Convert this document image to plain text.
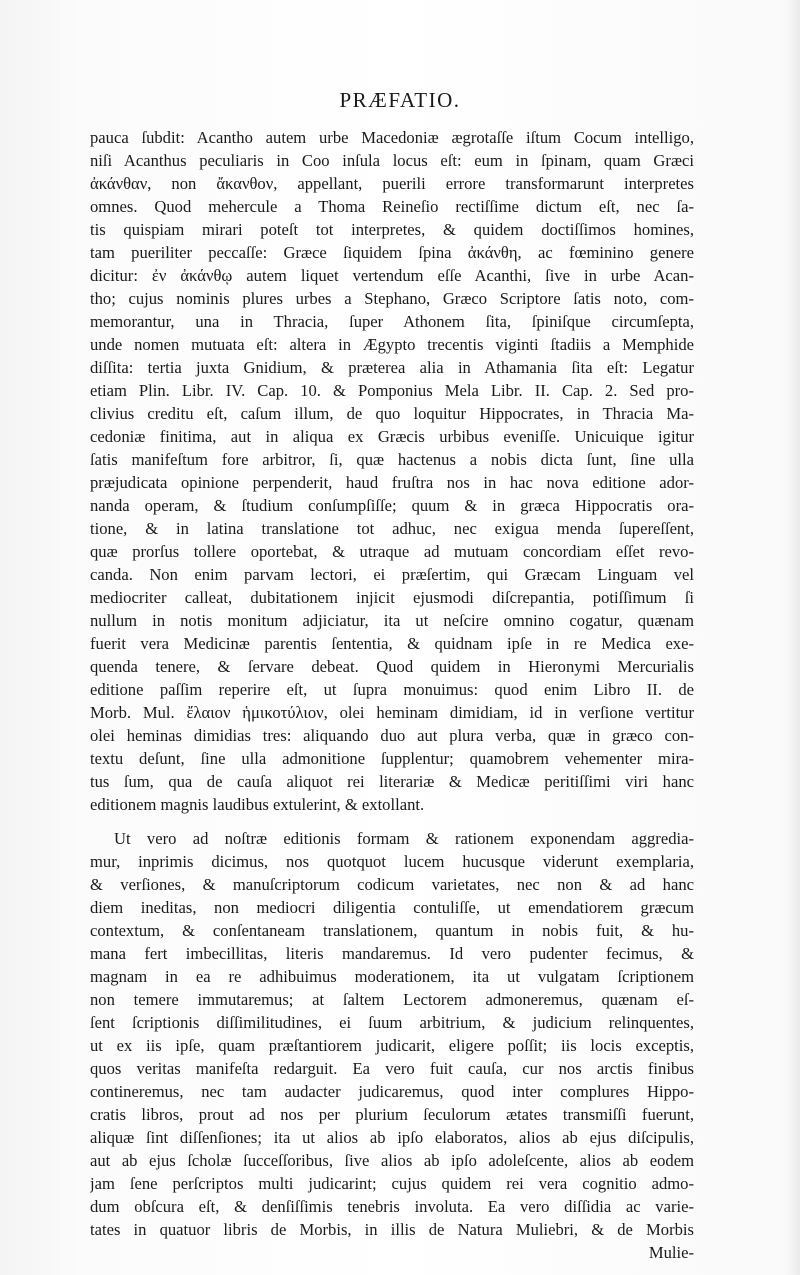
PRÆFATIO.
pauca ſubdit: Acantho autem urbe Macedoniæ ægrotaſſe iſtum Cocum intelligo,
niſi Acanthus peculiaris in Coo inſula locus eſt: eum in ſpinam, quam Græci
ἀκάνθαν, non ἄκανθον, appellant, puerili errore transformarunt interpretes
omnes. Quod mehercule a Thoma Reineſio rectiſſime dictum eſt, nec ſa-
tis quispiam mirari poteſt tot interpretes, & quidem doctiſſimos homines,
tam pueriliter peccaſſe: Græce ſiquidem ſpina ἀκάνθη, ac fœminino genere
dicitur: ἐν ἀκάνθῳ autem liquet vertendum eſſe Acanthi, ſive in urbe Acan-
tho; cujus nominis plures urbes a Stephano, Græco Scriptore ſatis noto, com-
memorantur, una in Thracia, ſuper Athonem ſita, ſpiniſque circumſepta,
unde nomen mutuata eſt: altera in Ægypto trecentis viginti ſtadiis a Memphide
diſſita: tertia juxta Gnidium, & præterea alia in Athamania ſita eſt: Legatur
etiam Plin. Libr. IV. Cap. 10. & Pomponius Mela Libr. II. Cap. 2. Sed pro-
clivius creditu eſt, caſum illum, de quo loquitur Hippocrates, in Thracia Ma-
cedoniæ finitima, aut in aliqua ex Græcis urbibus eveniſſe. Unicuique igitur
ſatis manifeſtum fore arbitror, ſi, quæ hactenus a nobis dicta ſunt, ſine ulla
præjudicata opinione perpenderit, haud fruſtra nos in hac nova editione ador-
nanda operam, & ſtudium conſumpſiſſe; quum & in græca Hippocratis ora-
tione, & in latina translatione tot adhuc, nec exigua menda ſupereſſent,
quæ prorſus tollere oportebat, & utraque ad mutuam concordiam eſſet revo-
canda. Non enim parvam lectori, ei præſertim, qui Græcam Linguam vel
mediocriter calleat, dubitationem injicit ejusmodi diſcrepantia, potiſſimum ſi
nullum in notis monitum adjiciatur, ita ut neſcire omnino cogatur, quænam
fuerit vera Medicinæ parentis ſententia, & quidnam ipſe in re Medica exe-
quenda tenere, & ſervare debeat. Quod quidem in Hieronymi Mercurialis
editione paſſim reperire eſt, ut ſupra monuimus: quod enim Libro II. de
Morb. Mul. ἔλαιον ἡμικοτύλιον, olei heminam dimidiam, id in verſione vertitur
olei heminas dimidias tres: aliquando duo aut plura verba, quæ in græco con-
textu deſunt, ſine ulla admonitione ſupplentur; quamobrem vehementer mira-
tus ſum, qua de cauſa aliquot rei literariæ & Medicæ peritiſſimi viri hanc
editionem magnis laudibus extulerint, & extollant.
Ut vero ad noſtræ editionis formam & rationem exponendam aggredia-
mur, inprimis dicimus, nos quotquot lucem hucusque viderunt exemplaria,
& verſiones, & manuſcriptorum codicum varietates, nec non & ad hanc
diem ineditas, non mediocri diligentia contuliſſe, ut emendatiorem græcum
contextum, & conſentaneam translationem, quantum in nobis fuit, & hu-
mana fert imbecillitas, literis mandaremus. Id vero pudenter fecimus, &
magnam in ea re adhibuimus moderationem, ita ut vulgatam ſcriptionem
non temere immutaremus; at ſaltem Lectorem admoneremus, quænam eſ-
ſent ſcriptionis diſſimilitudines, ei ſuum arbitrium, & judicium relinquentes,
ut ex iis ipſe, quam præſtantiorem judicarit, eligere poſſit; iis locis exceptis,
quos veritas manifeſta redarguit. Ea vero fuit cauſa, cur nos arctis finibus
contineremus, nec tam audacter judicaremus, quod inter complures Hippo-
cratis libros, prout ad nos per plurium ſeculorum ætates transmiſſi fuerunt,
aliquæ ſint diſſenſiones; ita ut alios ab ipſo elaboratos, alios ab ejus diſcipulis,
aut ab ejus ſcholæ ſucceſſoribus, ſive alios ab ipſo adoleſcente, alios ab eodem
jam ſene perſcriptos multi judicarint; cujus quidem rei vera cognitio admo-
dum obſcura eſt, & denſiſſimis tenebris involuta. Ea vero diſſidia ac varie-
tates in quatuor libris de Morbis, in illis de Natura Muliebri, & de Morbis
Mulie-
